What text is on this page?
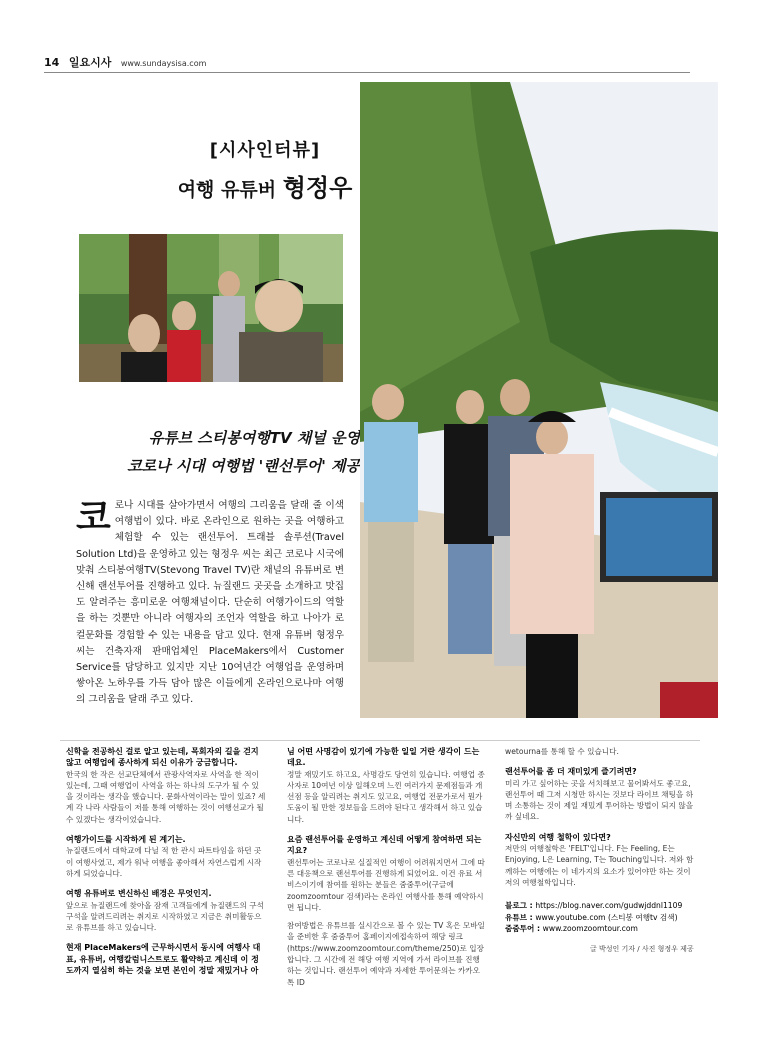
14 일요시사 www.sundaysisa.com
[시사인터뷰]
여행 유튜버 형정우
유튜브 스티봉여행TV 채널 운영
코로나 시대 여행법 '랜선투어' 제공
코 로나 시대를 살아가면서 여행의 그리움을 달래 줄 이색 여행법이 있다. 바로 온라인으로 원하는 곳을 여행하고 체험할 수 있는 랜선투어. 트래블 솔루션(Travel Solution Ltd)을 운영하고 있는 형정우 씨는 최근 코로나 시국에 맞춰 스티봉여행TV(Stevong Travel TV)란 채널의 유튜버로 변신해 랜선투어를 진행하고 있다. 뉴질랜드 곳곳을 소개하고 맛집도 알려주는 흥미로운 여행채널이다. 단순히 여행가이드의 역할을 하는 것뿐만 아니라 여행자의 조언자 역할을 하고 나아가 로컬문화를 경험할 수 있는 내용을 담고 있다. 현재 유튜버 형정우 씨는 건축자재 판매업체인 PlaceMakers에서 Customer Service를 담당하고 있지만 지난 10여년간 여행업을 운영하며 쌓아온 노하우를 가득 담아 많은 이들에게 온라인으로나마 여행의 그리움을 달래 주고 있다.

신학을 전공하신 걸로 알고 있는데, 목회자의 길을 걷지 않고 여행업에 종사하게 되신 이유가 궁금합니다.

한국의 한 작은 선교단체에서 관광사역자로 사역을 한 적이 있는데, 그때 여행업이 사역을 하는 하나의 도구가 될 수 있을 것이라는 생각을 했습니다. 문화사역이라는 말이 있죠? 세계 각 나라 사람들이 저를 통해 여행하는 것이 여행선교가 될 수 있겠다는 생각이었습니다.

여행가이드를 시작하게 된 계기는.

뉴질랜드에서 대학교에 다닐 적 한 관시 파트타임을 하던 곳이 여행사였고, 제가 워낙 여행을 좋아해서 자연스럽게 시작하게 되었습니다.

여행 유튜버로 변신하신 배경은 무엇인지.

앞으로 뉴질랜드에 찾아올 잠재 고객들에게 뉴질랜드의 구석구석을 알려드리려는 취지로 시작하였고 지금은 취미활동으로 유튜브를 하고 있습니다.

현재 PlaceMakers에 근무하시면서 동시에 여행사 대표, 유튜버, 여행칼럼니스트로도 활약하고 계신데 이 정도까지 열심히 하는 것을 보면 본인이 정말 재밌거나 아

님 어떤 사명감이 있기에 가능한 일일 거란 생각이 드는데요.

정말 재밌기도 하고요, 사명감도 당연히 있습니다. 여행업 종사자로 10여년 이상 일해오며 느낀 여러가지 문제점들과 개선점 등을 알리려는 취지도 있고요, 여행업 전문가로서 뭔가 도움이 될 만한 정보들을 드려야 된다고 생각해서 하고 있습니다.

요즘 랜선투어를 운영하고 계신데 어떻게 참여하면 되는지요?

랜선투어는 코로나로 실질적인 여행이 어려워지면서 그에 따른 대응책으로 랜선투어를 진행하게 되었어요. 이건 유료 서비스이기에 참여를 원하는 분들은 줌줌투어(구글에 zoomzoomtour 검색)라는 온라인 여행사를 통해 예약하시면 됩니다.

참여방법은 유튜브를 실시간으로 볼 수 있는 TV 혹은 모바일을 준비한 후 줌줌투어 홈페이지에접속하여 해당 링크(https://www.zoomzoomtour.com/theme/250)로 입장합니다. 그 시간에 전 해당 여행 지역에 가서 라이브를 진행하는 것입니다. 랜선투어 예약과 자세한 투어문의는 카카오톡 ID

wetourna를 통해 할 수 있습니다.

랜선투어를 좀 더 재미있게 즐기려면?

미리 가고 싶어하는 곳을 서치해보고 물어봐서도 좋고요, 랜선투어 때 그저 시청만 하시는 것보다 라이브 채팅을 하며 소통하는 것이 제일 재밌게 투어하는 방법이 되지 않을까 싶네요.

자신만의 여행 철학이 있다면?

저만의 여행철학은 'FELT'입니다. F는 Feeling, E는 Enjoying, L은 Learning, T는 Touching입니다. 저와 함께하는 여행에는 이 네가지의 요소가 있어야만 하는 것이 저의 여행철학입니다.

블로그 : https://blog.naver.com/gudwjddnl1109
유튜브 : www.youtube.com (스티봉 여행tv 검색)
줌줌투어 : www.zoomzoomtour.com
글 박성인 기자 / 사진 형정우 제공
